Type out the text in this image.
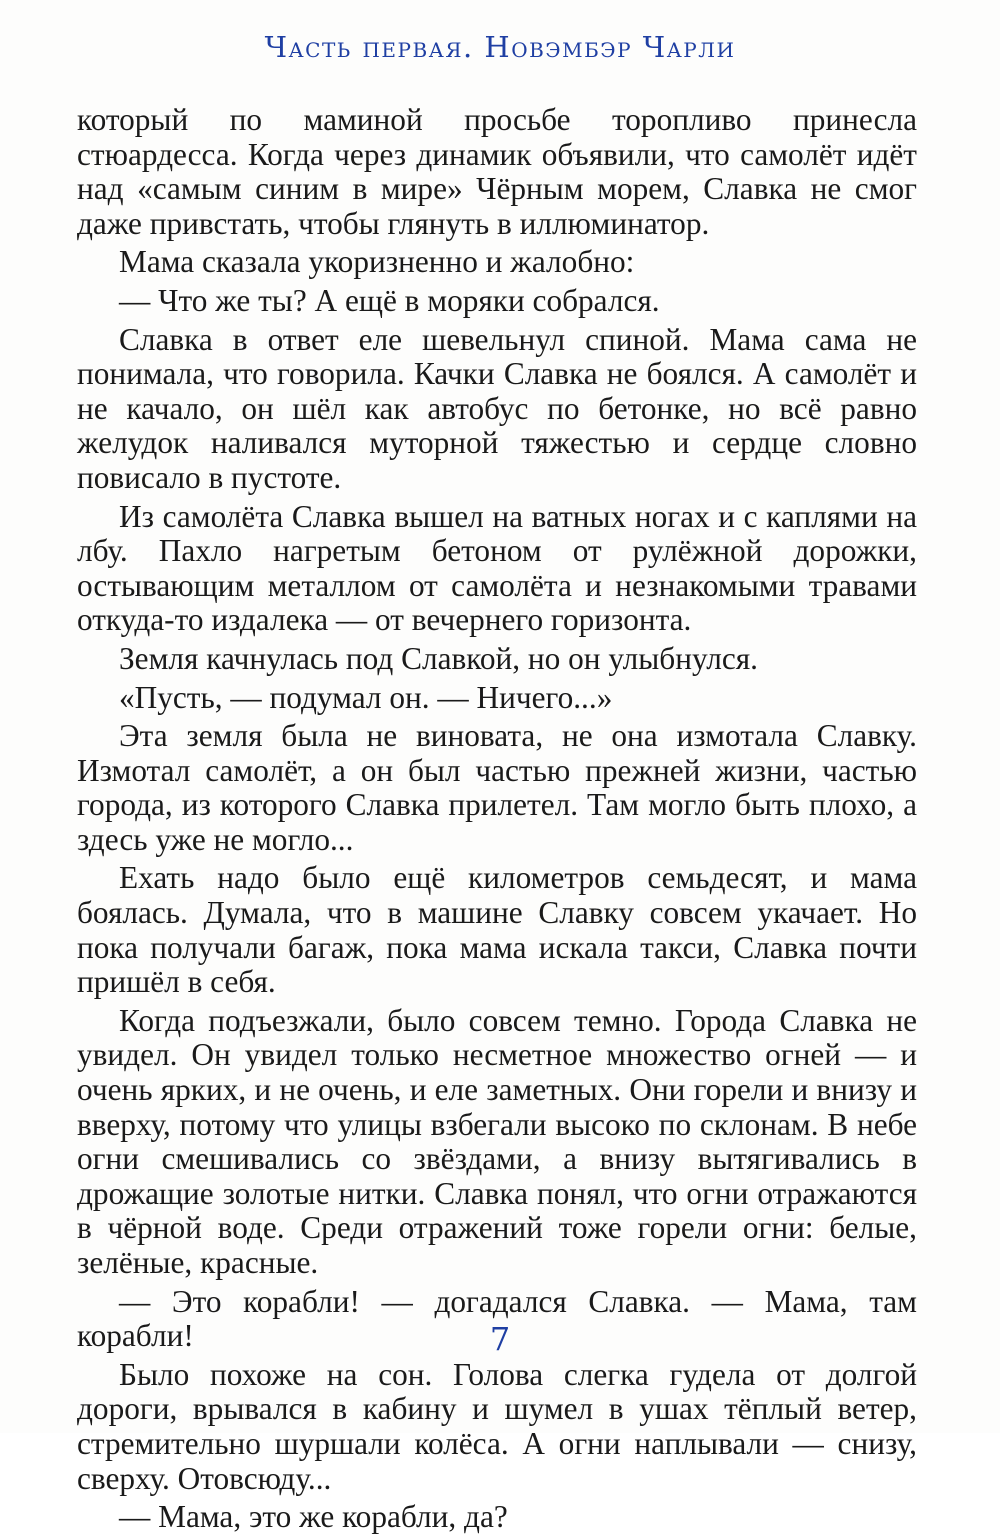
Часть первая. Новэмбэр Чарли

который по маминой просьбе торопливо принесла стюардесса. Когда через динамик объявили, что самолёт идёт над «самым синим в мире» Чёрным морем, Славка не смог даже привстать, чтобы глянуть в иллюминатор.

Мама сказала укоризненно и жалобно:

— Что же ты? А ещё в моряки собрался.

Славка в ответ еле шевельнул спиной. Мама сама не понимала, что говорила. Качки Славка не боялся. А самолёт и не качало, он шёл как автобус по бетонке, но всё равно желудок наливался муторной тяжестью и сердце словно повисало в пустоте.

Из самолёта Славка вышел на ватных ногах и с каплями на лбу. Пахло нагретым бетоном от рулёжной дорожки, остывающим металлом от самолёта и незнакомыми травами откуда-то издалека — от вечернего горизонта.

Земля качнулась под Славкой, но он улыбнулся.

«Пусть, — подумал он. — Ничего...»

Эта земля была не виновата, не она измотала Славку. Измотал самолёт, а он был частью прежней жизни, частью города, из которого Славка прилетел. Там могло быть плохо, а здесь уже не могло...

Ехать надо было ещё километров семьдесят, и мама боялась. Думала, что в машине Славку совсем укачает. Но пока получали багаж, пока мама искала такси, Славка почти пришёл в себя.

Когда подъезжали, было совсем темно. Города Славка не увидел. Он увидел только несметное множество огней — и очень ярких, и не очень, и еле заметных. Они горели и внизу и вверху, потому что улицы взбегали высоко по склонам. В небе огни смешивались со звёздами, а внизу вытягивались в дрожащие золотые нитки. Славка понял, что огни отражаются в чёрной воде. Среди отражений тоже горели огни: белые, зелёные, красные.

— Это корабли! — догадался Славка. — Мама, там корабли!

Было похоже на сон. Голова слегка гудела от долгой дороги, врывался в кабину и шумел в ушах тёплый ветер, стремительно шуршали колёса. А огни наплывали — снизу, сверху. Отовсюду...

— Мама, это же корабли, да?

7
